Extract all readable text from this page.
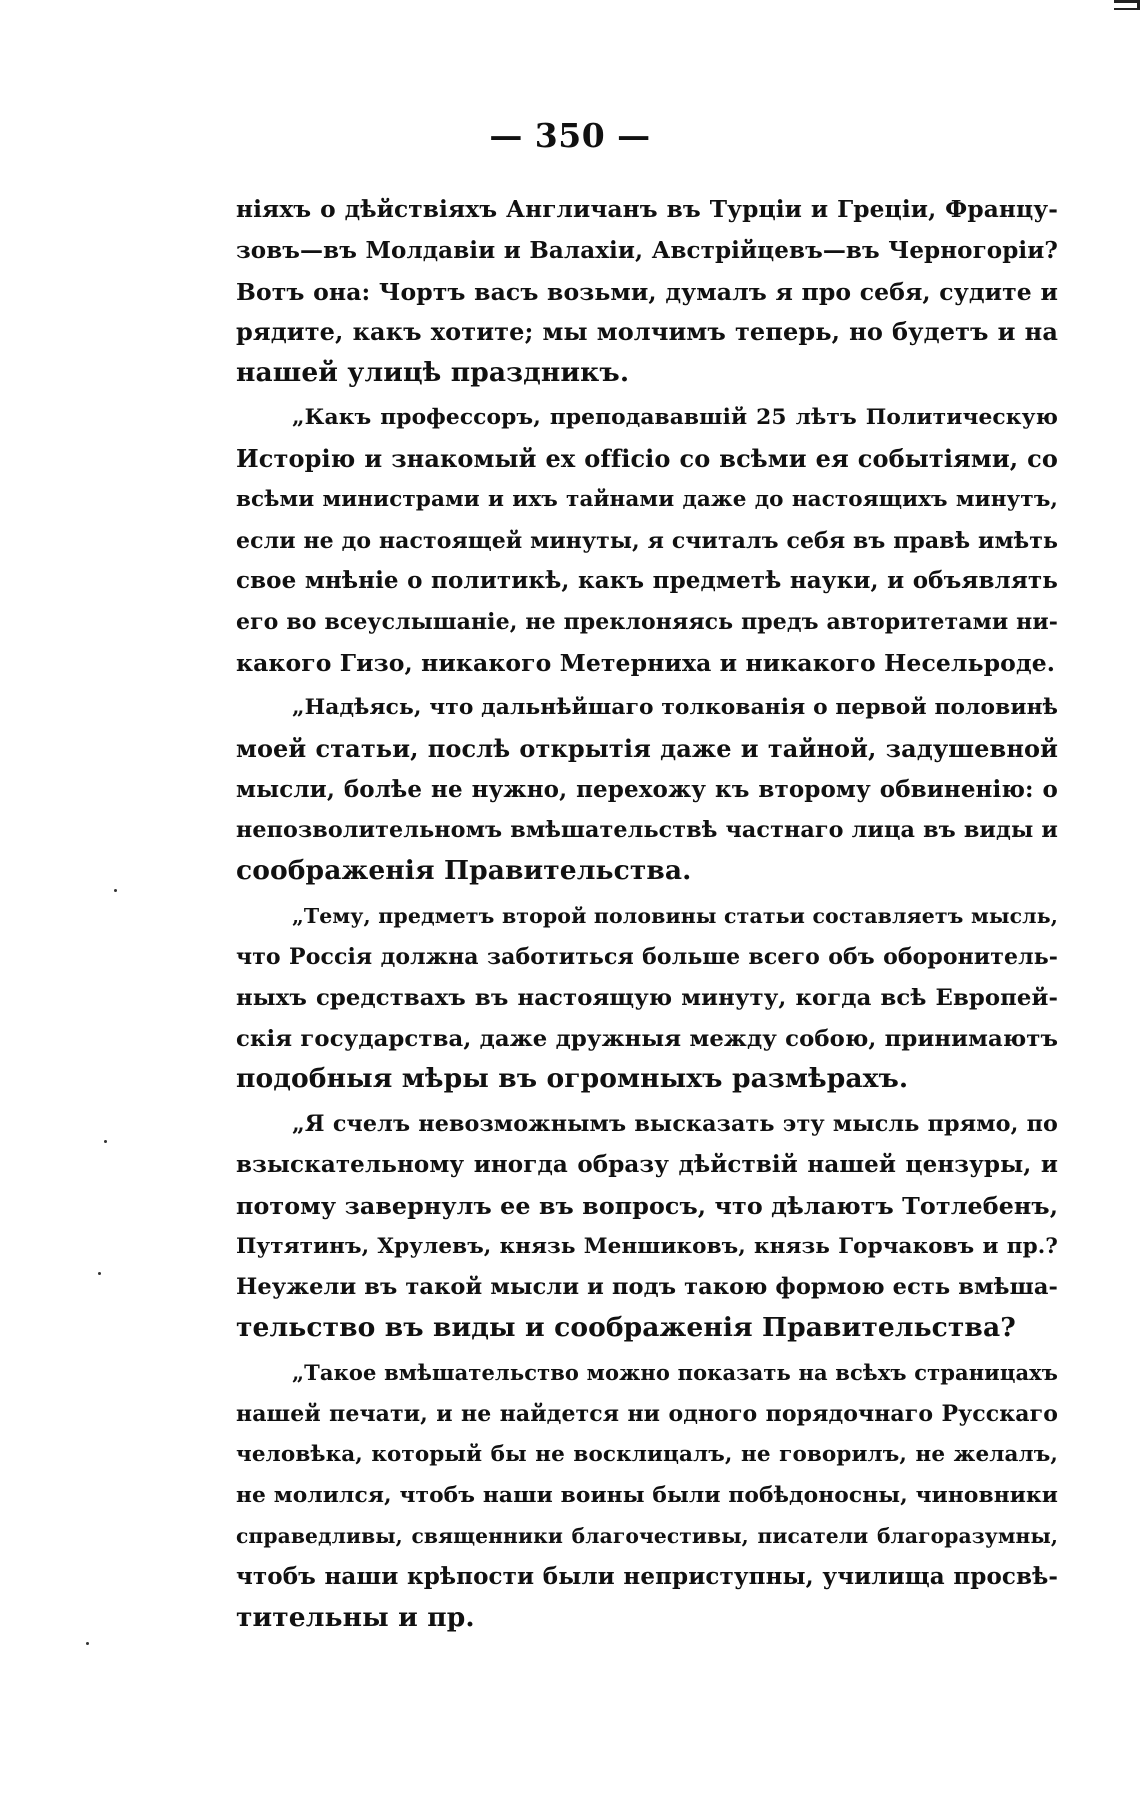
— 350 —

ніяхъ о дѣйствіяхъ Англичанъ въ Турціи и Греціи, Францу-
зовъ—въ Молдавіи и Валахіи, Австрійцевъ—въ Черногоріи?
Вотъ она: Чортъ васъ возьми, думалъ я про себя, судите и
рядите, какъ хотите; мы молчимъ теперь, но будетъ и на
нашей улицѣ праздникъ.

„Какъ профессоръ, преподававшій 25 лѣтъ Политическую
Исторію и знакомый ex officio со всѣми ея событіями, со
всѣми министрами и ихъ тайнами даже до настоящихъ минутъ,
если не до настоящей минуты, я считалъ себя въ правѣ имѣть
свое мнѣніе о политикѣ, какъ предметѣ науки, и объявлять
его во всеуслышаніе, не преклоняясь предъ авторитетами ни-
какого Гизо, никакого Метерниха и никакого Несельроде.

„Надѣясь, что дальнѣйшаго толкованія о первой половинѣ
моей статьи, послѣ открытія даже и тайной, задушевной
мысли, болѣе не нужно, перехожу къ второму обвиненію: о
непозволительномъ вмѣшательствѣ частнаго лица въ виды и
соображенія Правительства.

„Тему, предметъ второй половины статьи составляетъ мысль,
что Россія должна заботиться больше всего объ оборонитель-
ныхъ средствахъ въ настоящую минуту, когда всѣ Европей-
скія государства, даже дружныя между собою, принимаютъ
подобныя мѣры въ огромныхъ размѣрахъ.

„Я счелъ невозможнымъ высказать эту мысль прямо, по
взыскательному иногда образу дѣйствій нашей цензуры, и
потому завернулъ ее въ вопросъ, что дѣлаютъ Тотлебенъ,
Путятинъ, Хрулевъ, князь Меншиковъ, князь Горчаковъ и пр.?
Неужели въ такой мысли и подъ такою формою есть вмѣша-
тельство въ виды и соображенія Правительства?

„Такое вмѣшательство можно показать на всѣхъ страницахъ
нашей печати, и не найдется ни одного порядочнаго Русскаго
человѣка, который бы не восклицалъ, не говорилъ, не желалъ,
не молился, чтобъ наши воины были побѣдоносны, чиновники
справедливы, священники благочестивы, писатели благоразумны,
чтобъ наши крѣпости были неприступны, училища просвѣ-
тительны и пр.
